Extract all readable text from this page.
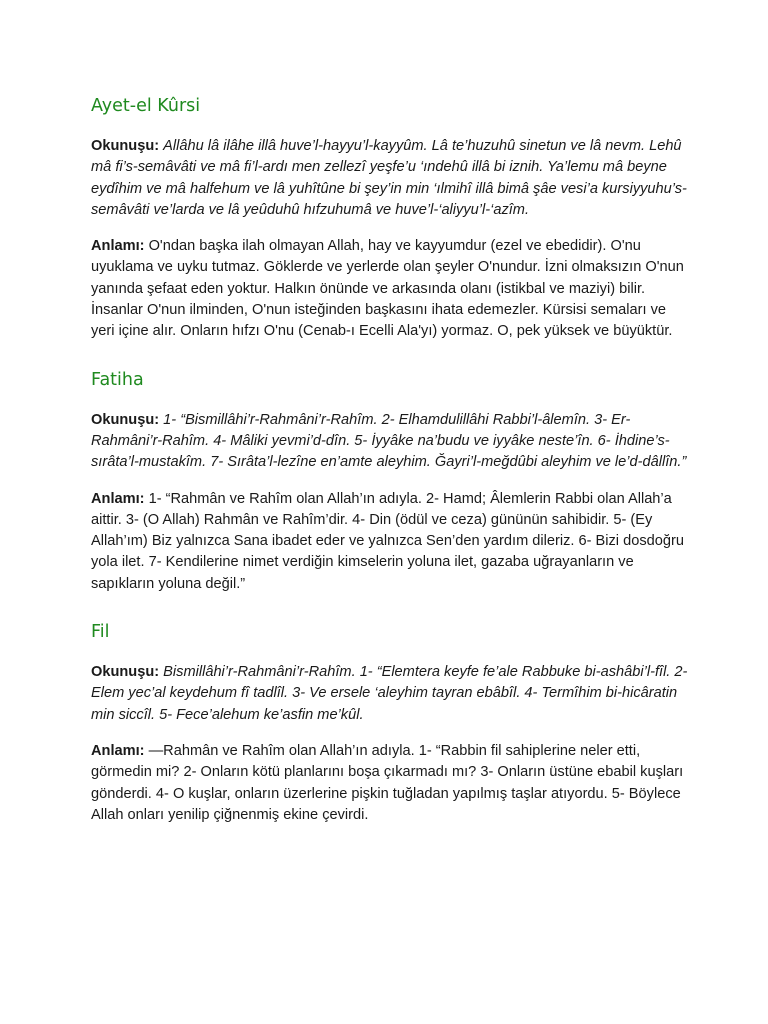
Ayet-el Kûrsi

Okunuşu: Allâhu lâ ilâhe illâ huve’l-hayyu’l-kayyûm. Lâ te’huzuhû sinetun ve lâ nevm. Lehû mâ fi’s-semâvâti ve mâ fi’l-ardı men zellezî yeşfe’u ‘ındehû illâ bi iznih. Ya’lemu mâ beyne eydîhim ve mâ halfehum ve lâ yuhîtûne bi şey’in min ‘ılmihî illâ bimâ şâe vesi’a kursiyyuhu’s-semâvâti ve’larda ve lâ yeûduhû hıfzuhumâ ve huve’l-‘aliyyu’l-‘azîm.

Anlamı: O'ndan başka ilah olmayan Allah, hay ve kayyumdur (ezel ve ebedidir). O'nu uyuklama ve uyku tutmaz. Göklerde ve yerlerde olan şeyler O'nundur. İzni olmaksızın O'nun yanında şefaat eden yoktur. Halkın önünde ve arkasında olanı (istikbal ve maziyi) bilir. İnsanlar O'nun ilminden, O'nun isteğinden başkasını ihata edemezler. Kürsisi semaları ve yeri içine alır. Onların hıfzı O'nu (Cenab-ı Ecelli Ala'yı) yormaz. O, pek yüksek ve büyüktür.

Fatiha

Okunuşu: 1- “Bismillâhi’r-Rahmâni’r-Rahîm. 2- Elhamdulillâhi Rabbi’l-âlemîn. 3- Er-Rahmâni’r-Rahîm. 4- Mâliki yevmi’d-dîn. 5- İyyâke na’budu ve iyyâke neste’în. 6- İhdine’s-sırâta’l-mustakîm. 7- Sırâta’l-lezîne en’amte aleyhim. Ğayri’l-meğdûbi aleyhim ve le’d-dâllîn.”

Anlamı: 1- “Rahmân ve Rahîm olan Allah’ın adıyla. 2- Hamd; Âlemlerin Rabbi olan Allah’a aittir. 3- (O Allah) Rahmân ve Rahîm’dir. 4- Din (ödül ve ceza) gününün sahibidir. 5- (Ey Allah’ım) Biz yalnızca Sana ibadet eder ve yalnızca Sen’den yardım dileriz. 6- Bizi dosdoğru yola ilet. 7- Kendilerine nimet verdiğin kimselerin yoluna ilet, gazaba uğrayanların ve sapıkların yoluna değil.”

Fil

Okunuşu: Bismillâhi’r-Rahmâni’r-Rahîm. 1- “Elemtera keyfe fe’ale Rabbuke bi-ashâbi’l-fîl. 2- Elem yec’al keydehum fî tadlîl. 3- Ve ersele ‘aleyhim tayran ebâbîl. 4- Termîhim bi-hicâratin min siccîl. 5- Fece’alehum ke’asfin me’kûl.

Anlamı: —Rahmân ve Rahîm olan Allah’ın adıyla. 1- “Rabbin fil sahiplerine neler etti, görmedin mi? 2- Onların kötü planlarını boşa çıkarmadı mı? 3- Onların üstüne ebabil kuşları gönderdi. 4- O kuşlar, onların üzerlerine pişkin tuğladan yapılmış taşlar atıyordu. 5- Böylece Allah onları yenilip çiğnenmiş ekine çevirdi.
